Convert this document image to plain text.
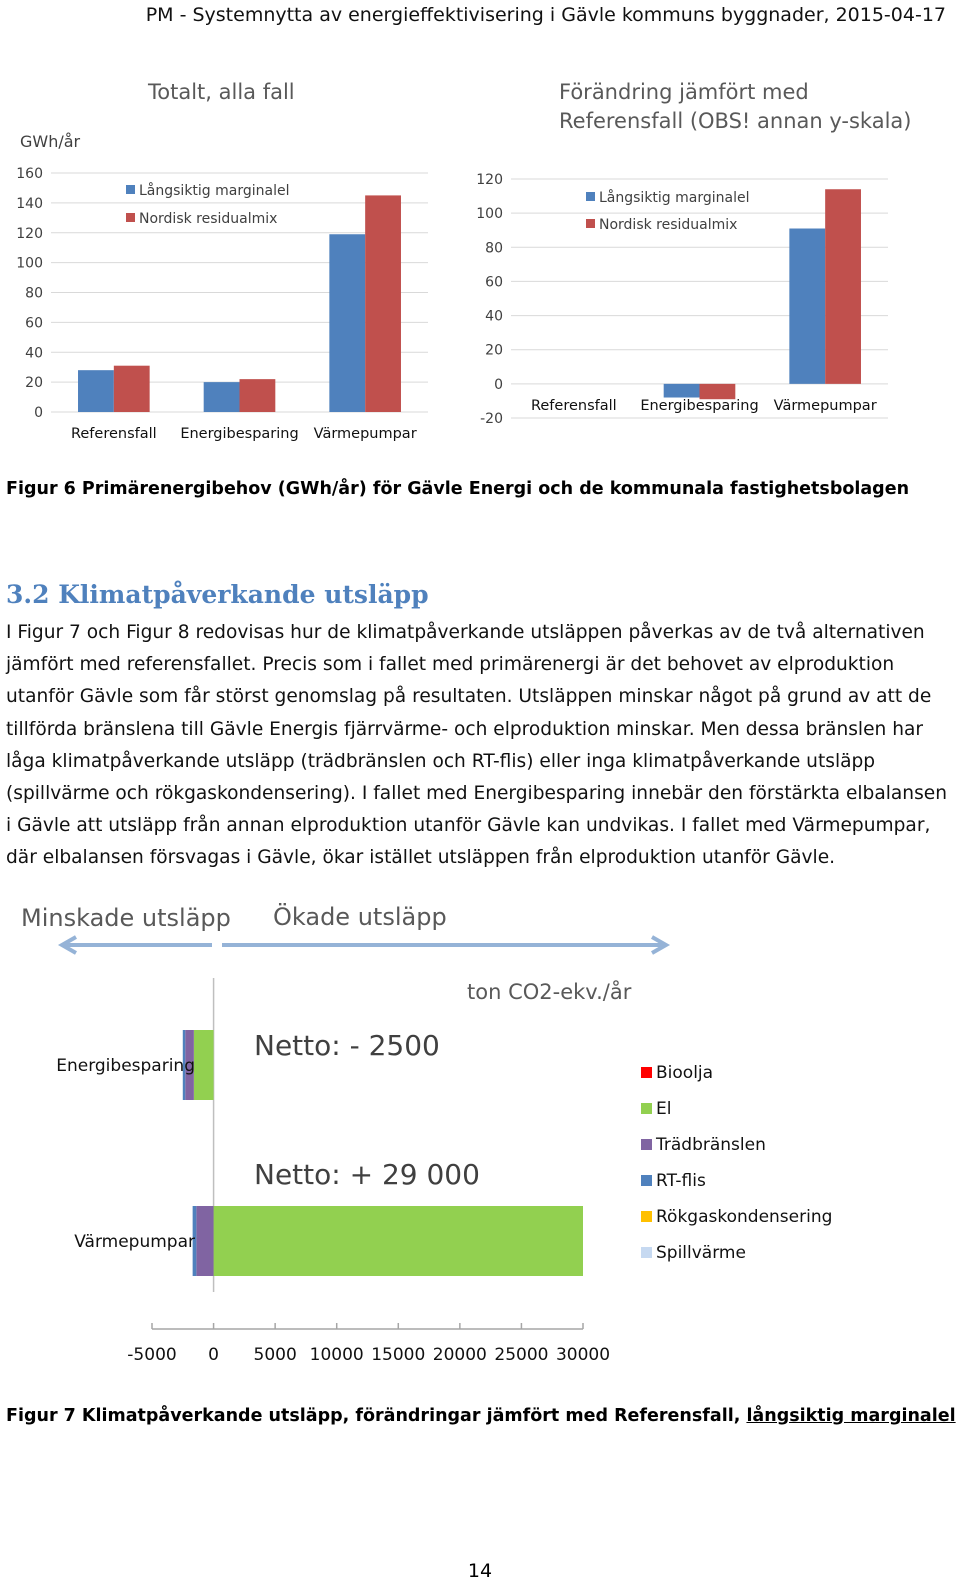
PM - Systemnytta av energieffektivisering i Gävle kommuns byggnader, 2015-04-17
Totalt, alla fall
GWh/år
0
20
40
60
80
100
120
140
160
Referensfall Energibesparing Värmepumpar
Långsiktig marginalel
Nordisk residualmix
Förändring jämfört med
Referensfall (OBS! annan y-skala)
-20
0
20
40
60
80
100
120
Referensfall Energibesparing Värmepumpar
Långsiktig marginalel
Nordisk residualmix
Figur 6 Primärenergibehov (GWh/år) för Gävle Energi och de kommunala fastighetsbolagen
3.2 Klimatpåverkande utsläpp
I Figur 7 och Figur 8 redovisas hur de klimatpåverkande utsläppen påverkas av de två alternativen jämfört med referensfallet. Precis som i fallet med primärenergi är det behovet av elproduktion utanför Gävle som får störst genomslag på resultaten. Utsläppen minskar något på grund av att de tillförda bränslena till Gävle Energis fjärrvärme- och elproduktion minskar. Men dessa bränslen har låga klimatpåverkande utsläpp (trädbränslen och RT-flis) eller inga klimatpåverkande utsläpp (spillvärme och rökgaskondensering). I fallet med Energibesparing innebär den förstärkta elbalansen i Gävle att utsläpp från annan elproduktion utanför Gävle kan undvikas. I fallet med Värmepumpar, där elbalansen försvagas i Gävle, ökar istället utsläppen från elproduktion utanför Gävle.
Minskade utsläpp Ökade utsläpp
ton CO2-ekv./år
Energibesparing
Värmepumpar
Netto: - 2500
Netto: + 29 000
-5000 0 5000 10000 15000 20000 25000 30000
Bioolja
El
Trädbränslen
RT-flis
Rökgaskondensering
Spillvärme
Figur 7 Klimatpåverkande utsläpp, förändringar jämfört med Referensfall, långsiktig marginalel
14
